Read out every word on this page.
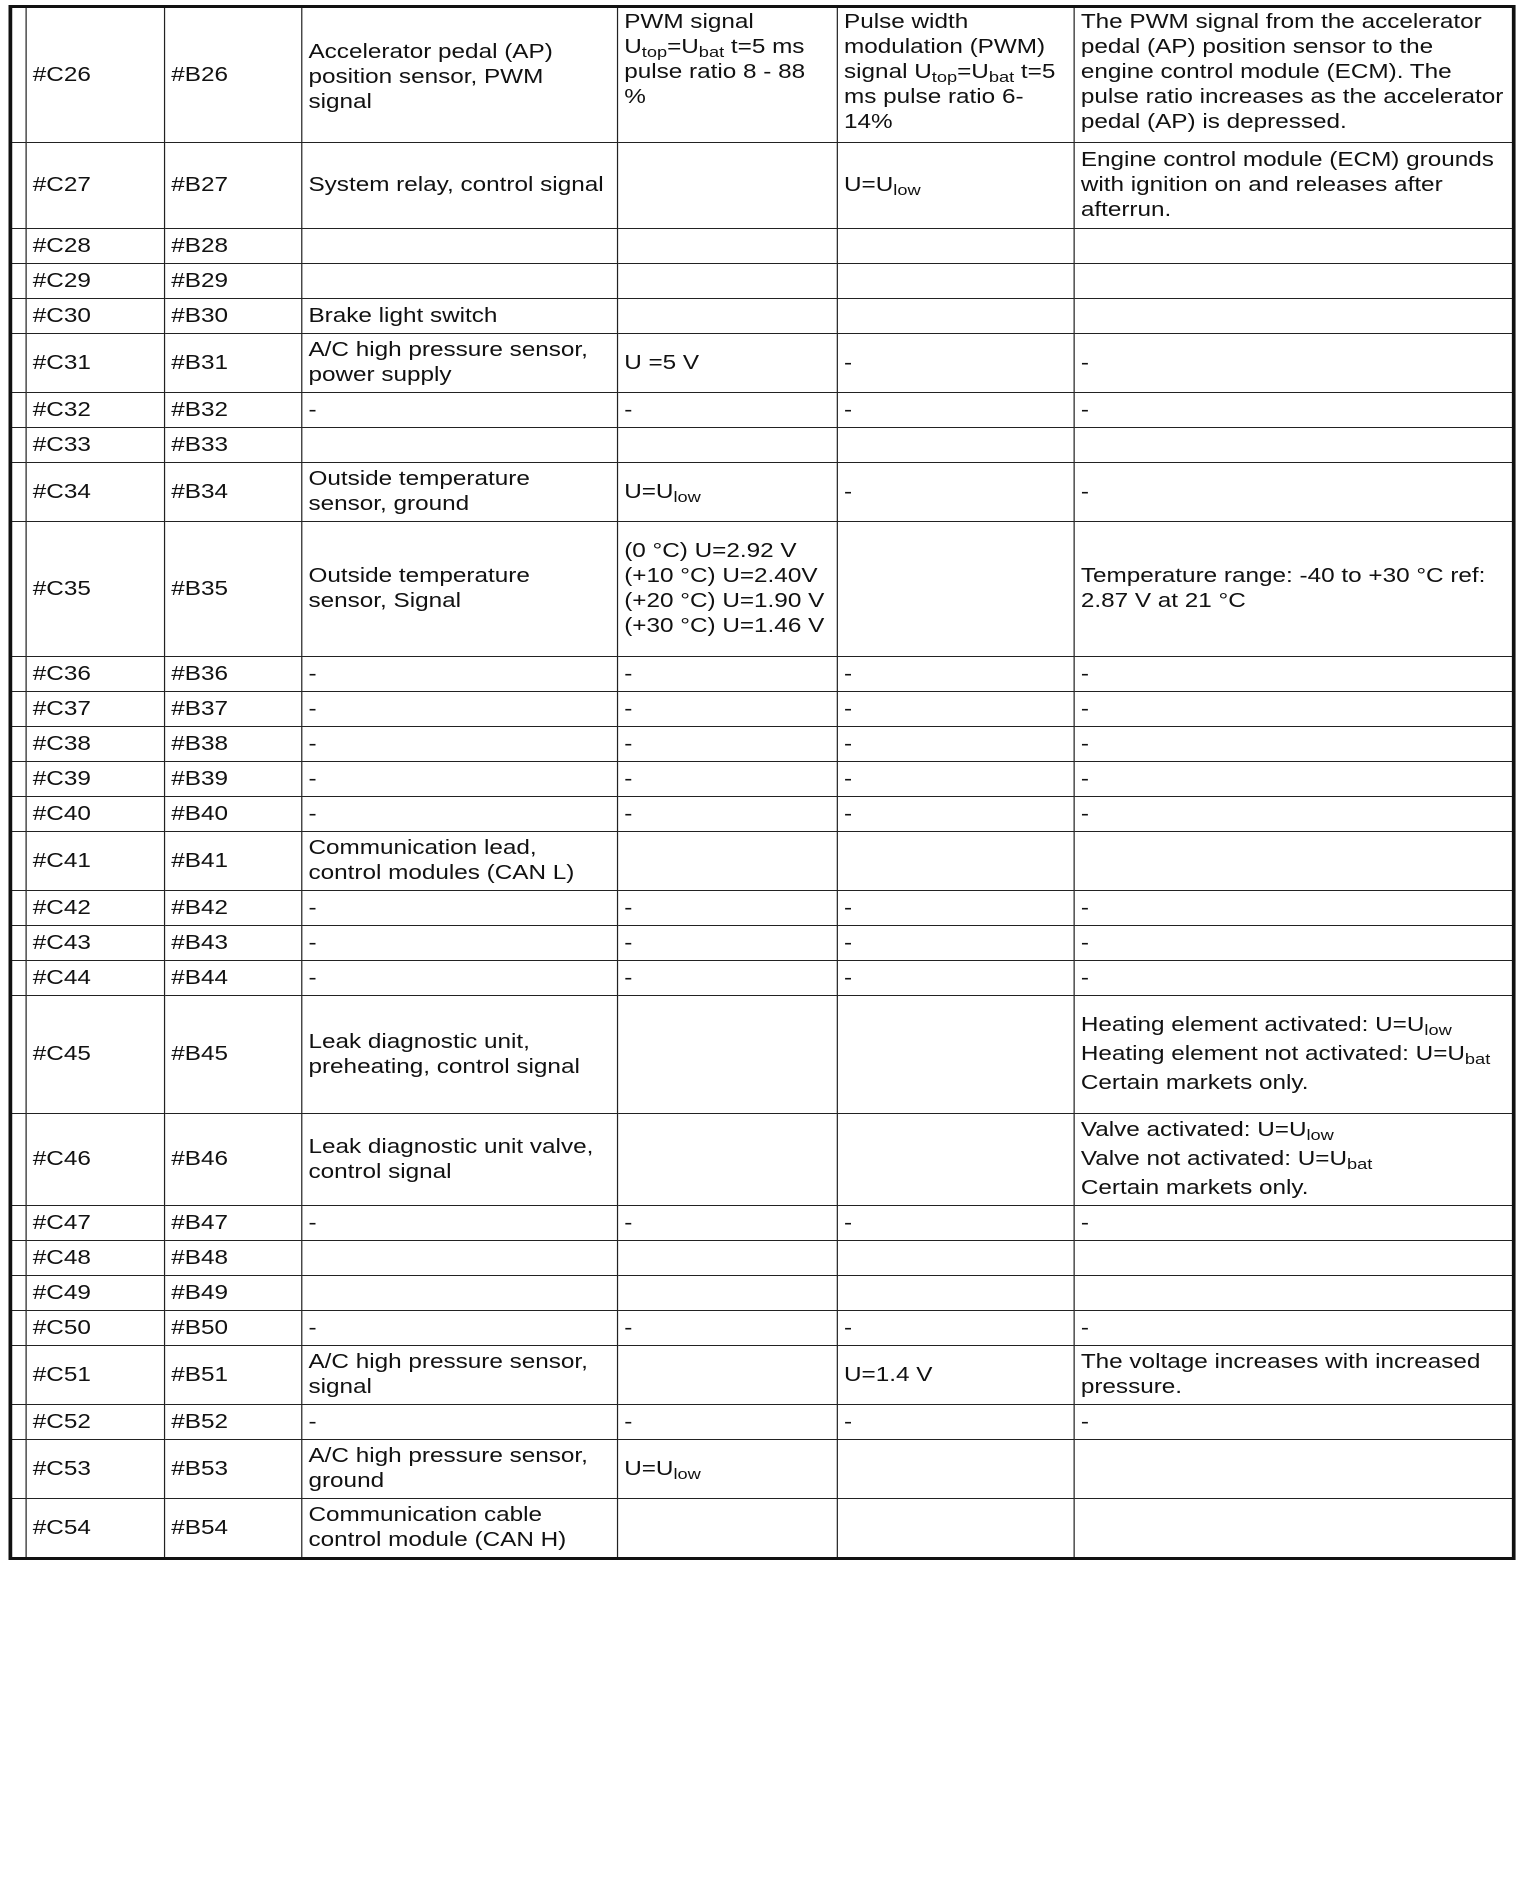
	#C26	#B26	Accelerator pedal (AP) position sensor, PWM signal	PWM signal $U_{top}=U_{bat}$ t=5 ms pulse ratio 8 - 88 %	Pulse width modulation (PWM) signal $U_{top}=U_{bat}$ t=5 ms pulse ratio 6-14%	The PWM signal from the accelerator pedal (AP) position sensor to the engine control module (ECM). The pulse ratio increases as the accelerator pedal (AP) is depressed.
	#C27	#B27	System relay, control signal		$U=U_{low}$	Engine control module (ECM) grounds with ignition on and releases after afterrun.
	#C28	#B28				
	#C29	#B29				
	#C30	#B30	Brake light switch			
	#C31	#B31	A/C high pressure sensor, power supply	U =5 V	-	-
	#C32	#B32	-	-	-	-
	#C33	#B33				
	#C34	#B34	Outside temperature sensor, ground	$U=U_{low}$	-	-
	#C35	#B35	Outside temperature sensor, Signal	(0 °C) U=2.92 V (+10 °C) U=2.40V (+20 °C) U=1.90 V (+30 °C) U=1.46 V		Temperature range: -40 to +30 °C ref: 2.87 V at 21 °C
	#C36	#B36	-	-	-	-
	#C37	#B37	-	-	-	-
	#C38	#B38	-	-	-	-
	#C39	#B39	-	-	-	-
	#C40	#B40	-	-	-	-
	#C41	#B41	Communication lead, control modules (CAN L)			
	#C42	#B42	-	-	-	-
	#C43	#B43	-	-	-	-
	#C44	#B44	-	-	-	-
	#C45	#B45	Leak diagnostic unit, preheating, control signal			Heating element activated: $U=U_{low}$
Heating element not activated: $U=U_{bat}$
Certain markets only.
	#C46	#B46	Leak diagnostic unit valve, control signal			Valve activated: $U=U_{low}$
Valve not activated: $U=U_{bat}$
Certain markets only.
	#C47	#B47	-	-	-	-
	#C48	#B48				
	#C49	#B49				
	#C50	#B50	-	-	-	-
	#C51	#B51	A/C high pressure sensor, signal		U=1.4 V	The voltage increases with increased pressure.
	#C52	#B52	-	-	-	-
	#C53	#B53	A/C high pressure sensor, ground	$U=U_{low}$		
	#C54	#B54	Communication cable control module (CAN H)			
